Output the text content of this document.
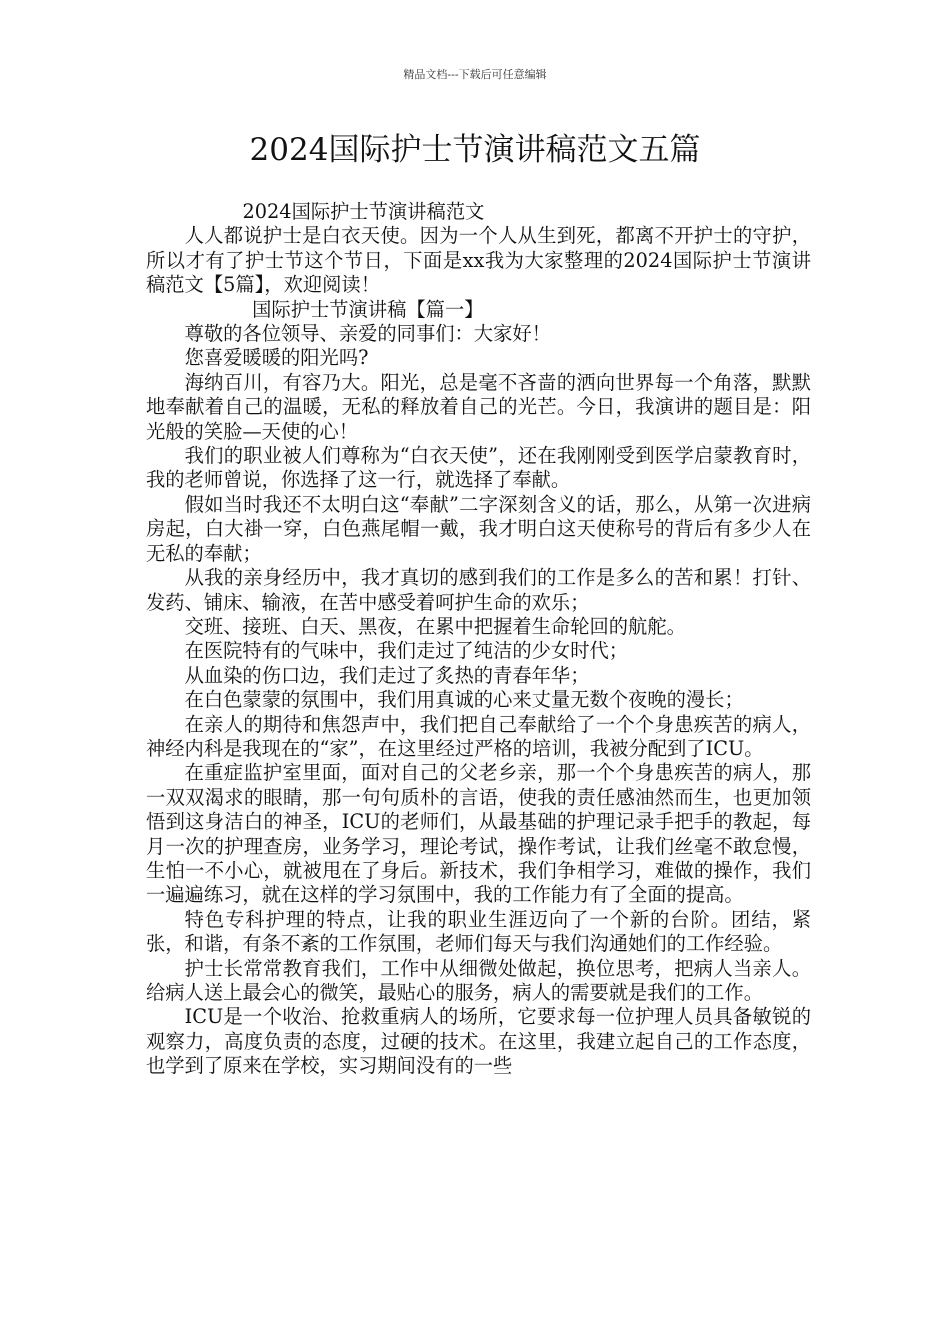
精品文档---下载后可任意编辑
2024国际护士节演讲稿范文五篇

2024国际护士节演讲稿范文

人人都说护士是白衣天使。因为一个人从生到死，都离不开护士的守护，所以才有了护士节这个节日，下面是xx我为大家整理的2024国际护士节演讲稿范文【5篇】，欢迎阅读！

国际护士节演讲稿【篇一】

尊敬的各位领导、亲爱的同事们：大家好！

您喜爱暖暖的阳光吗?

海纳百川，有容乃大。阳光，总是毫不吝啬的洒向世界每一个角落，默默地奉献着自己的温暖，无私的释放着自己的光芒。今日，我演讲的题目是：阳光般的笑脸—天使的心！

我们的职业被人们尊称为“白衣天使”，还在我刚刚受到医学启蒙教育时，我的老师曾说，你选择了这一行，就选择了奉献。

假如当时我还不太明白这“奉献”二字深刻含义的话，那么，从第一次进病房起，白大褂一穿，白色燕尾帽一戴，我才明白这天使称号的背后有多少人在无私的奉献；

从我的亲身经历中，我才真切的感到我们的工作是多么的苦和累！打针、发药、铺床、输液，在苦中感受着呵护生命的欢乐；

交班、接班、白天、黑夜，在累中把握着生命轮回的航舵。

在医院特有的气味中，我们走过了纯洁的少女时代；

从血染的伤口边，我们走过了炙热的青春年华；

在白色蒙蒙的氛围中，我们用真诚的心来丈量无数个夜晚的漫长；

在亲人的期待和焦怨声中，我们把自己奉献给了一个个身患疾苦的病人，神经内科是我现在的“家”，在这里经过严格的培训，我被分配到了ICU。

在重症监护室里面，面对自己的父老乡亲，那一个个身患疾苦的病人，那一双双渴求的眼睛，那一句句质朴的言语，使我的责任感油然而生，也更加领悟到这身洁白的神圣，ICU的老师们，从最基础的护理记录手把手的教起，每月一次的护理查房，业务学习，理论考试，操作考试，让我们丝毫不敢怠慢，生怕一不小心，就被甩在了身后。新技术，我们争相学习，难做的操作，我们一遍遍练习，就在这样的学习氛围中，我的工作能力有了全面的提高。

特色专科护理的特点，让我的职业生涯迈向了一个新的台阶。团结，紧张，和谐，有条不紊的工作氛围，老师们每天与我们沟通她们的工作经验。

护士长常常教育我们，工作中从细微处做起，换位思考，把病人当亲人。给病人送上最会心的微笑，最贴心的服务，病人的需要就是我们的工作。

ICU是一个收治、抢救重病人的场所，它要求每一位护理人员具备敏锐的观察力，高度负责的态度，过硬的技术。在这里，我建立起自己的工作态度，也学到了原来在学校，实习期间没有的一些
